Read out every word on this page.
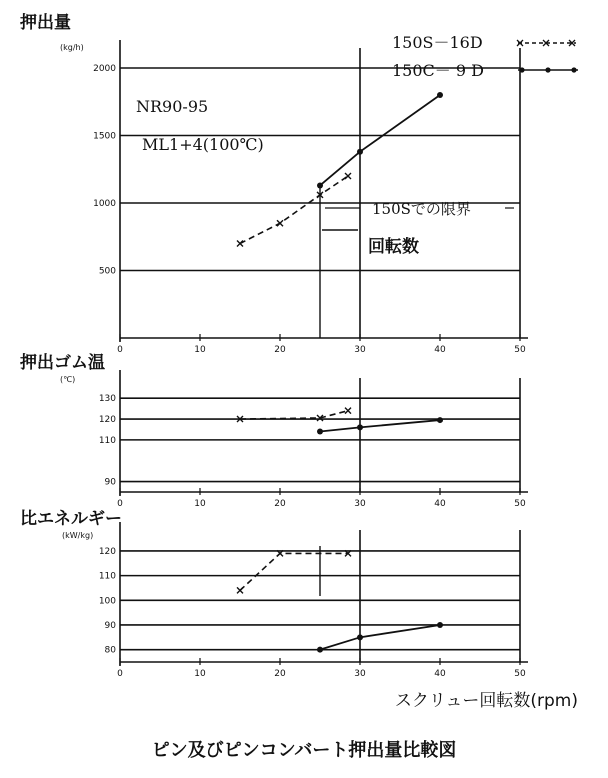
押出量
(kg/h)
500
1000
1500
2000
0	10	20	30	40	50
押出ゴム温
(℃)
90
110
120
130
0	10	20	30	40	50
比エネルギー
(kW/kg)
80
90
100
110
120
0	10	20	30	40	50
NR90-95
ML1+4(100℃)
150Sでの限界
回転数
150S－16D
150C－ 9 D
スクリュー回転数(rpm)
ピン及びピンコンバート押出量比較図
